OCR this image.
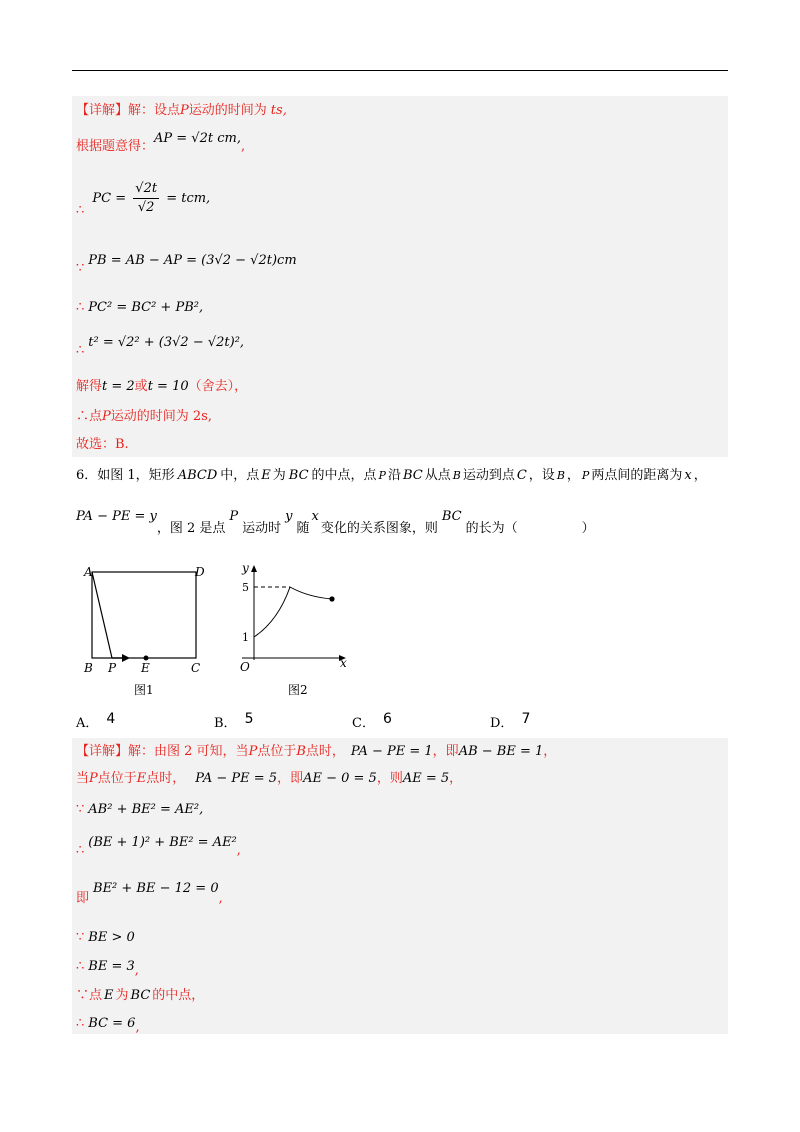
【详解】解：设点P运动的时间为 ts,
根据题意得：AP = √2t cm,,
∴ PC = $\frac{√2t}{√2}$ = tcm,
∵PB = AB − AP = (3√2 − √2t)cm
∴ PC² = BC² + PB²,
∴t² = √2² + (3√2 − √2t)²,
解得t = 2或t = 10（舍去），
∴点P运动的时间为 2s,
故选：B.
6．如图 1，矩形 ABCD 中，点 E 为 BC 的中点，点 P 沿 BC 从点 B 运动到点 C ，设 B ， P 两点间的距离为 x ，
PA − PE = y，图 2 是点P运动时y随x变化的关系图象，则BC的长为（	）
A	D
B P E	C
图1
y
x
O
5
1
图2
A． 4	B． 5	C． 6	D． 7
【详解】解：由图 2 可知，当P点位于B点时， PA − PE = 1，即AB − BE = 1，
当P点位于E点时， PA − PE = 5，即AE − 0 = 5，则AE = 5，
∵ AB² + BE² = AE²,
∴(BE + 1)² + BE² = AE²,
即BE² + BE − 12 = 0,
∵ BE > 0
∴ BE = 3,
∵点 E 为 BC 的中点，
∴ BC = 6,
